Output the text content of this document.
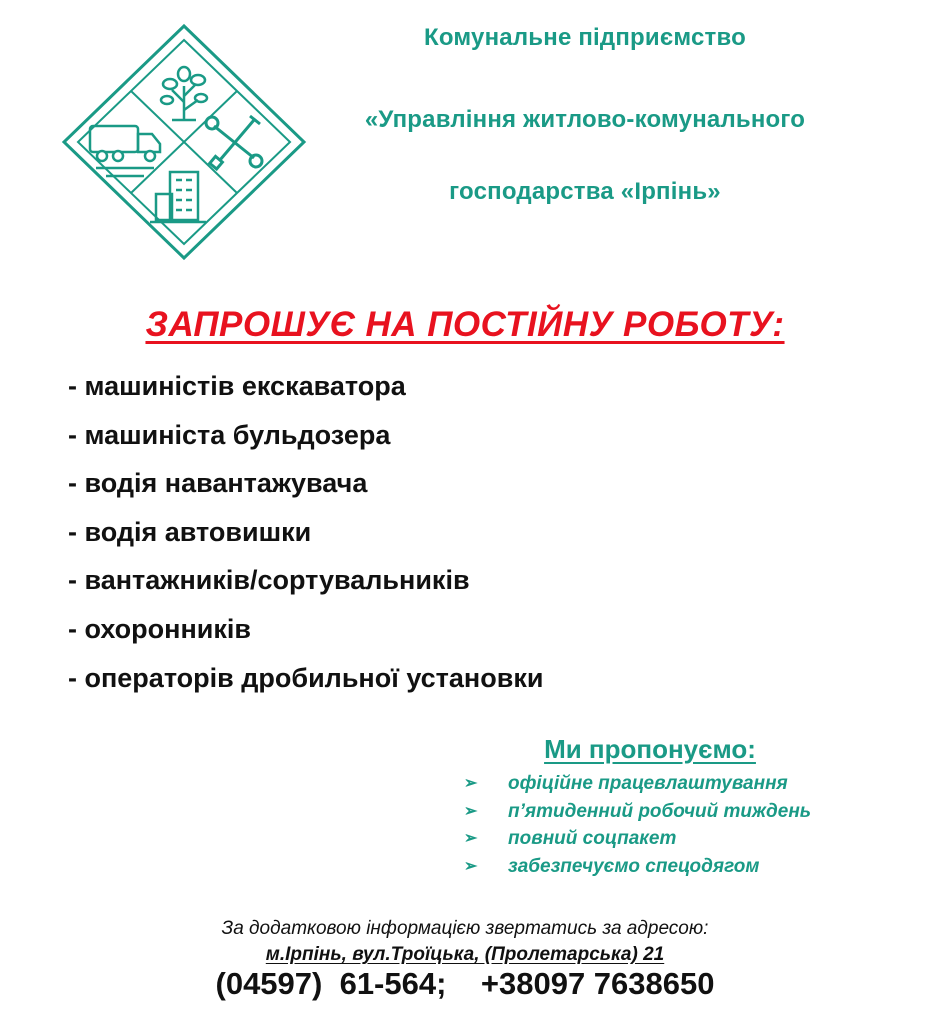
Комунальне підприємство
«Управління житлово-комунального
господарства «Ірпінь»
ЗАПРОШУЄ НА ПОСТІЙНУ РОБОТУ:
- машиністів екскаватора
- машиніста бульдозера
- водія навантажувача
- водія автовишки
- вантажників/сортувальників
- охоронників
- операторів дробильної установки
Ми пропонуємо:
➢ офіційне працевлаштування
➢ п’ятиденний робочий тиждень
➢ повний соцпакет
➢ забезпечуємо спецодягом
За додатковою інформацією звертатись за адресою:
м.Ірпінь, вул.Троїцька, (Пролетарська) 21
(04597)  61-564;    +38097 7638650
